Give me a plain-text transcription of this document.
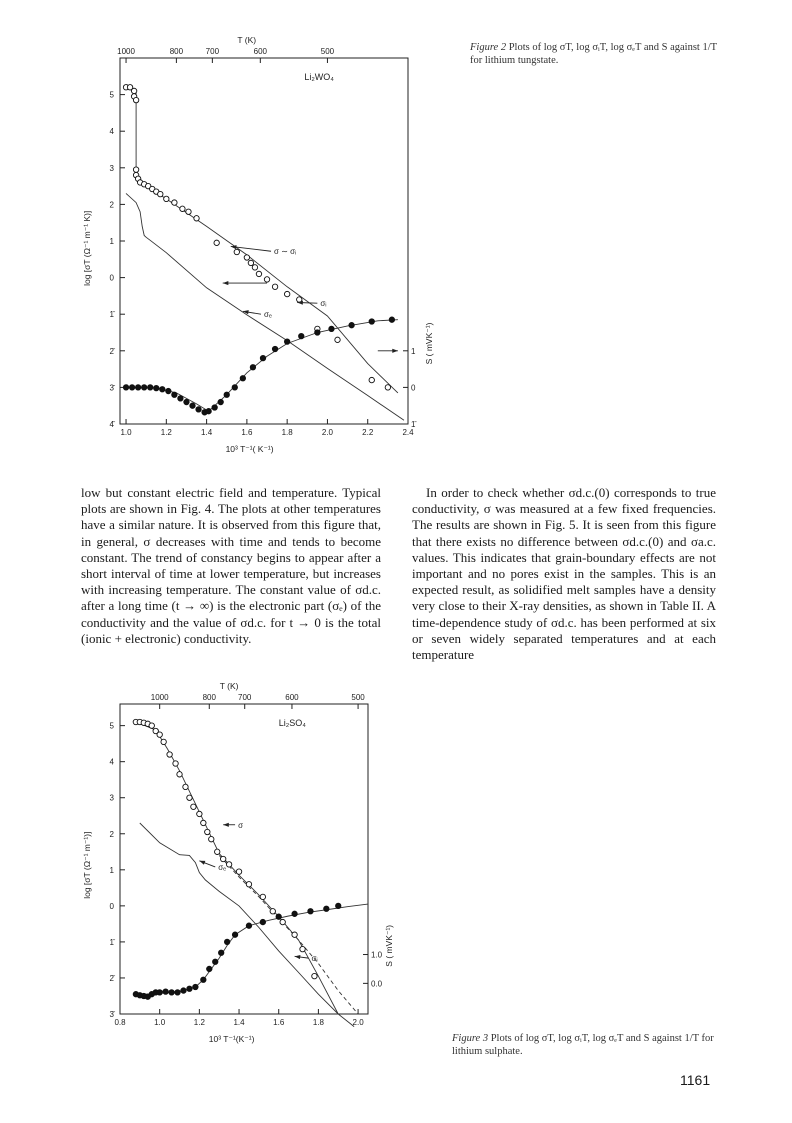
1.0	1.2	1.4	1.6	1.8	2.0	2.2	2.4
1000	800	700	600	500
T (K)
5
4
3
2
1
0
1̄
2̄
3̄
4̄
1
0
1̄
10³ T⁻¹( K⁻¹)
log [σT (Ω⁻¹ m⁻¹ K)]
S ( mVK⁻¹)
Li₂WO₄
σ ∼ σᵢ
σᵢ
σₑ
Figure 2 Plots of log σT, log σᵢT, log σₑT and S against 1/T for lithium tungstate.

low but constant electric field and temperature. Typical plots are shown in Fig. 4. The plots at other temperatures have a similar nature. It is observed from this figure that, in general, σ decreases with time and tends to become constant. The trend of constancy begins to appear after a short interval of time at lower temperature, but increases with increasing temperature. The constant value of σd.c. after a long time (t → ∞) is the electronic part (σₑ) of the conductivity and the value of σd.c. for t → 0 is the total (ionic + electronic) conductivity.

In order to check whether σd.c.(0) corresponds to true conductivity, σ was measured at a few fixed frequencies. The results are shown in Fig. 5. It is seen from this figure that there exists no difference between σd.c.(0) and σa.c. values. This indicates that grain-boundary effects are not important and no pores exist in the samples. This is an expected result, as solidified melt samples have a density very close to their X-ray densities, as shown in Table II. A time-dependence study of σd.c. has been performed at six or seven widely separated temperatures and at each temperature

0.8	1.0	1.2	1.4	1.6	1.8	2.0
1000	800	700	600	500
T (K)
5
4
3
2
1
0
1̄
2̄
3̄
1.0
0.0
10³ T⁻¹(K⁻¹)
log [σT (Ω⁻¹ m⁻¹)]
S ( mVK⁻¹)
Li₂SO₄
σ
σₑ
σᵢ
Figure 3 Plots of log σT, log σᵢT, log σₑT and S against 1/T for lithium sulphate.
1161
